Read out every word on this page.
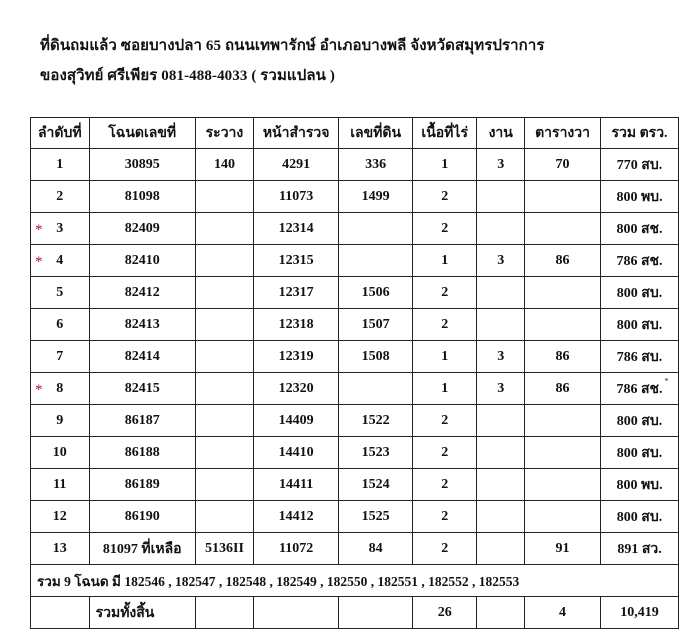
ที่ดินถมแล้ว ซอยบางปลา 65 ถนนเทพารักษ์ อำเภอบางพลี จังหวัดสมุทรปราการ
ของสุวิทย์ ศรีเพียร 081-488-4033 ( รวมแปลน )
ลำดับที่	โฉนดเลขที่	ระวาง	หน้าสำรวจ	เลขที่ดิน	เนื้อที่ไร่	งาน	ตารางวา	รวม ตรว.
1	30895	140	4291	336	1	3	70	770 สบ.
2	81098		11073	1499	2			800 พบ.

* 3	82409		12314		2			800 สช.

* 4	82410		12315		1	3	86	786 สช.
5	82412		12317	1506	2			800 สบ.
6	82413		12318	1507	2			800 สบ.
7	82414		12319	1508	1	3	86	786 สบ.

* 8	82415		12320		1	3	86	786 สช.
9	86187		14409	1522	2			800 สบ.
10	86188		14410	1523	2			800 สบ.
11	86189		14411	1524	2			800 พบ.
12	86190		14412	1525	2			800 สบ.
13	81097 ที่เหลือ	5136II	11072	84	2		91	891 สว.
รวม 9 โฉนด มี 182546 , 182547 , 182548 , 182549 , 182550 , 182551 , 182552 , 182553								
	รวมทั้งสิ้น				26		4	10,419
